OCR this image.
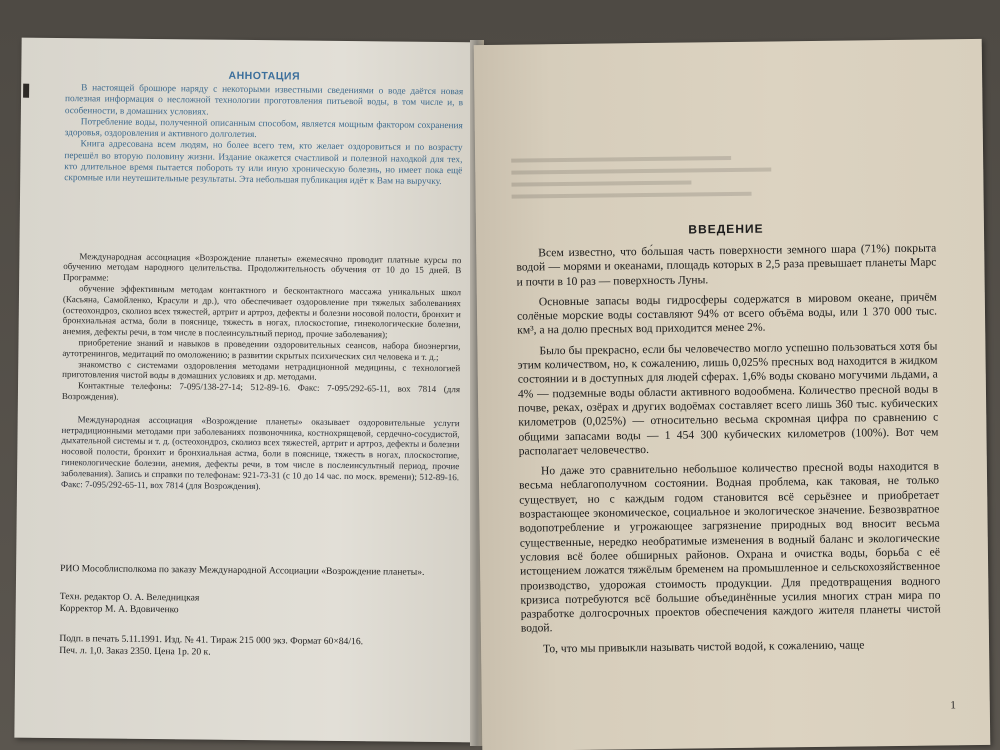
АННОТАЦИЯ

В настоящей брошюре наряду с некоторыми известными сведениями о воде даётся новая полезная информация о несложной технологии проготовления питьевой воды, в том числе и, в особенности, в домашних условиях.

Потребление воды, полученной описанным способом, является мощным фактором сохранения здоровья, оздоровления и активного долголетия.

Книга адресована всем людям, но более всего тем, кто желает оздоровиться и по возрасту перешёл во вторую половину жизни. Издание окажется счастливой и полезной находкой для тех, кто длительное время пытается побороть ту или иную хроническую болезнь, но имеет пока ещё скромные или неутешительные результаты. Эта небольшая публикация идёт к Вам на выручку.

Международная ассоциация «Возрождение планеты» ежемесячно проводит платные курсы по обучению методам народного целительства. Продолжительность обучения от 10 до 15 дней. В Программе:

обучение эффективным методам контактного и бесконтактного массажа уникальных школ (Касьяна, Самойленко, Красули и др.), что обеспечивает оздоровление при тяжелых заболеваниях (остеохондроз, сколиоз всех тяжестей, артрит и артроз, дефекты и болезни носовой полости, бронхит и бронхиальная астма, боли в пояснице, тяжесть в ногах, плоскостопие, гинекологические болезни, анемия, дефекты речи, в том числе в послеинсультный период, прочие заболевания);

приобретение знаний и навыков в проведении оздоровительных сеансов, набора биоэнергии, аутотренингов, медитаций по омоложению; в развитии скрытых психических сил человека и т. д.;

знакомство с системами оздоровления методами нетрадиционной медицины, с технологией приготовления чистой воды в домашних условиях и др. методами.

Контактные телефоны: 7-095/138-27-14; 512-89-16. Факс: 7-095/292-65-11, вох 7814 (для Возрождения).

Международная ассоциация «Возрождение планеты» оказывает оздоровительные услуги нетрадиционными методами при заболеваниях позвоночника, костнохрящевой, сердечно-сосудистой, дыхательной системы и т. д. (остеохондроз, сколиоз всех тяжестей, артрит и артроз, дефекты и болезни носовой полости, бронхит и бронхиальная астма, боли в пояснице, тяжесть в ногах, плоскостопие, гинекологические болезни, анемия, дефекты речи, в том числе в послеинсультный период, прочие заболевания). Запись и справки по телефонам: 921-73-31 (с 10 до 14 час. по моск. времени); 512-89-16. Факс: 7-095/292-65-11, вох 7814 (для Возрождения).

РИО Мособлисполкома по заказу Международной Ассоциации «Возрождение планеты».

Техн. редактор О. А. Веледницкая
Корректор М. А. Вдовиченко
Подп. в печать 5.11.1991. Изд. № 41. Тираж 215 000 экз. Формат 60×84/16.
Печ. л. 1,0. Заказ 2350. Цена 1р. 20 к.
ВВЕДЕНИЕ

Всем известно, что бо́льшая часть поверхности земного шара (71%) покрыта водой — морями и океанами, площадь которых в 2,5 раза превышает планеты Марс и почти в 10 раз — поверхность Луны.

Основные запасы воды гидросферы содержатся в мировом океане, причём солёные морские воды составляют 94% от всего объёма воды, или 1 370 000 тыс. км³, а на долю пресных вод приходится менее 2%.

Было бы прекрасно, если бы человечество могло успешно пользоваться хотя бы этим количеством, но, к сожалению, лишь 0,025% пресных вод находится в жидком состоянии и в доступных для людей сферах. 1,6% воды сковано могучими льдами, а 4% — подземные воды области активного водообмена. Количество пресной воды в почве, реках, озёрах и других водоёмах составляет всего лишь 360 тыс. кубических километров (0,025%) — относительно весьма скромная цифра по сравнению с общими запасами воды — 1 454 300 кубических километров (100%). Вот чем располагает человечество.

Но даже это сравнительно небольшое количество пресной воды находится в весьма неблагополучном состоянии. Водная проблема, как таковая, не только существует, но с каждым годом становится всё серьёзнее и приобретает возрастающее экономическое, социальное и экологическое значение. Безвозвратное водопотребление и угрожающее загрязнение природных вод вносит весьма существенные, нередко необратимые изменения в водный баланс и экологические условия всё более обширных районов. Охрана и очистка воды, борьба с её истощением ложатся тяжёлым бременем на промышленное и сельскохозяйственное производство, удорожая стоимость продукции. Для предотвращения водного кризиса потребуются всё большие объединённые усилия многих стран мира по разработке долгосрочных проектов обеспечения каждого жителя планеты чистой водой.

То, что мы привыкли называть чистой водой, к сожалению, чаще

1
